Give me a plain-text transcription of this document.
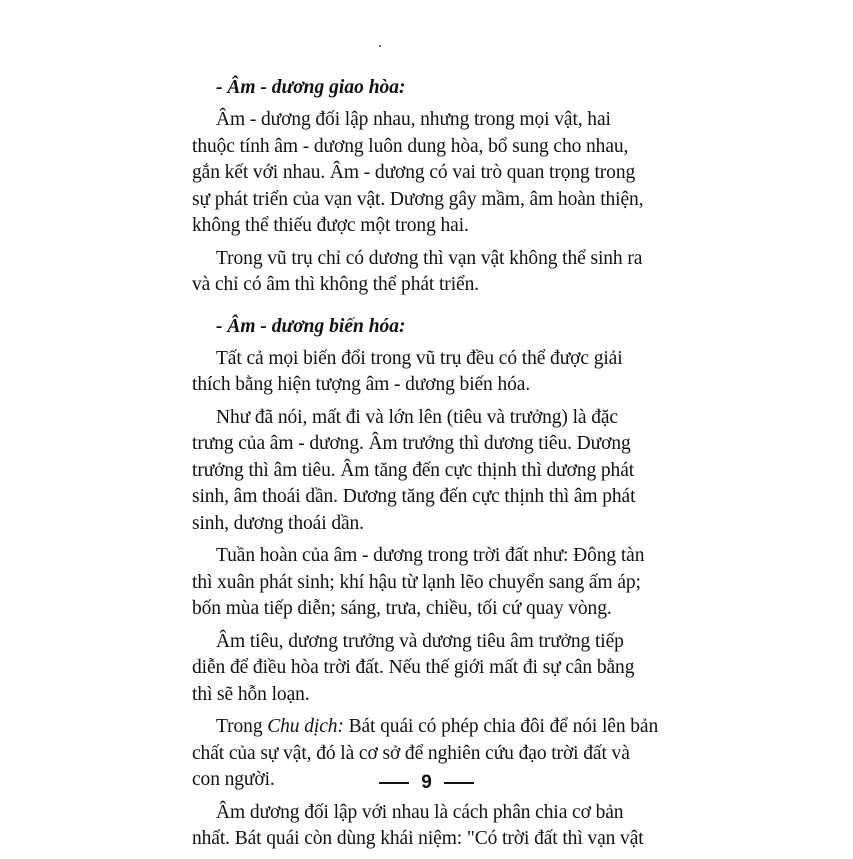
- Âm - dương giao hòa:

Âm - dương đối lập nhau, nhưng trong mọi vật, hai
thuộc tính âm - dương luôn dung hòa, bổ sung cho nhau,
gắn kết với nhau. Âm - dương có vai trò quan trọng trong
sự phát triển của vạn vật. Dương gây mầm, âm hoàn thiện,
không thể thiếu được một trong hai.

Trong vũ trụ chỉ có dương thì vạn vật không thể sinh ra
và chỉ có âm thì không thể phát triển.

- Âm - dương biến hóa:

Tất cả mọi biến đổi trong vũ trụ đều có thể được giải
thích bằng hiện tượng âm - dương biến hóa.

Như đã nói, mất đi và lớn lên (tiêu và trưởng) là đặc
trưng của âm - dương. Âm trưởng thì dương tiêu. Dương
trưởng thì âm tiêu. Âm tăng đến cực thịnh thì dương phát
sinh, âm thoái dần. Dương tăng đến cực thịnh thì âm phát
sinh, dương thoái dần.

Tuần hoàn của âm - dương trong trời đất như: Đông tàn
thì xuân phát sinh; khí hậu từ lạnh lẽo chuyển sang ấm áp;
bốn mùa tiếp diễn; sáng, trưa, chiều, tối cứ quay vòng.

Âm tiêu, dương trưởng và dương tiêu âm trưởng tiếp
diễn để điều hòa trời đất. Nếu thế giới mất đi sự cân bằng
thì sẽ hỗn loạn.

Trong Chu dịch: Bát quái có phép chia đôi để nói lên bản
chất của sự vật, đó là cơ sở để nghiên cứu đạo trời đất và
con người.

Âm dương đối lập với nhau là cách phân chia cơ bản
nhất. Bát quái còn dùng khái niệm: "Có trời đất thì vạn vật

9
